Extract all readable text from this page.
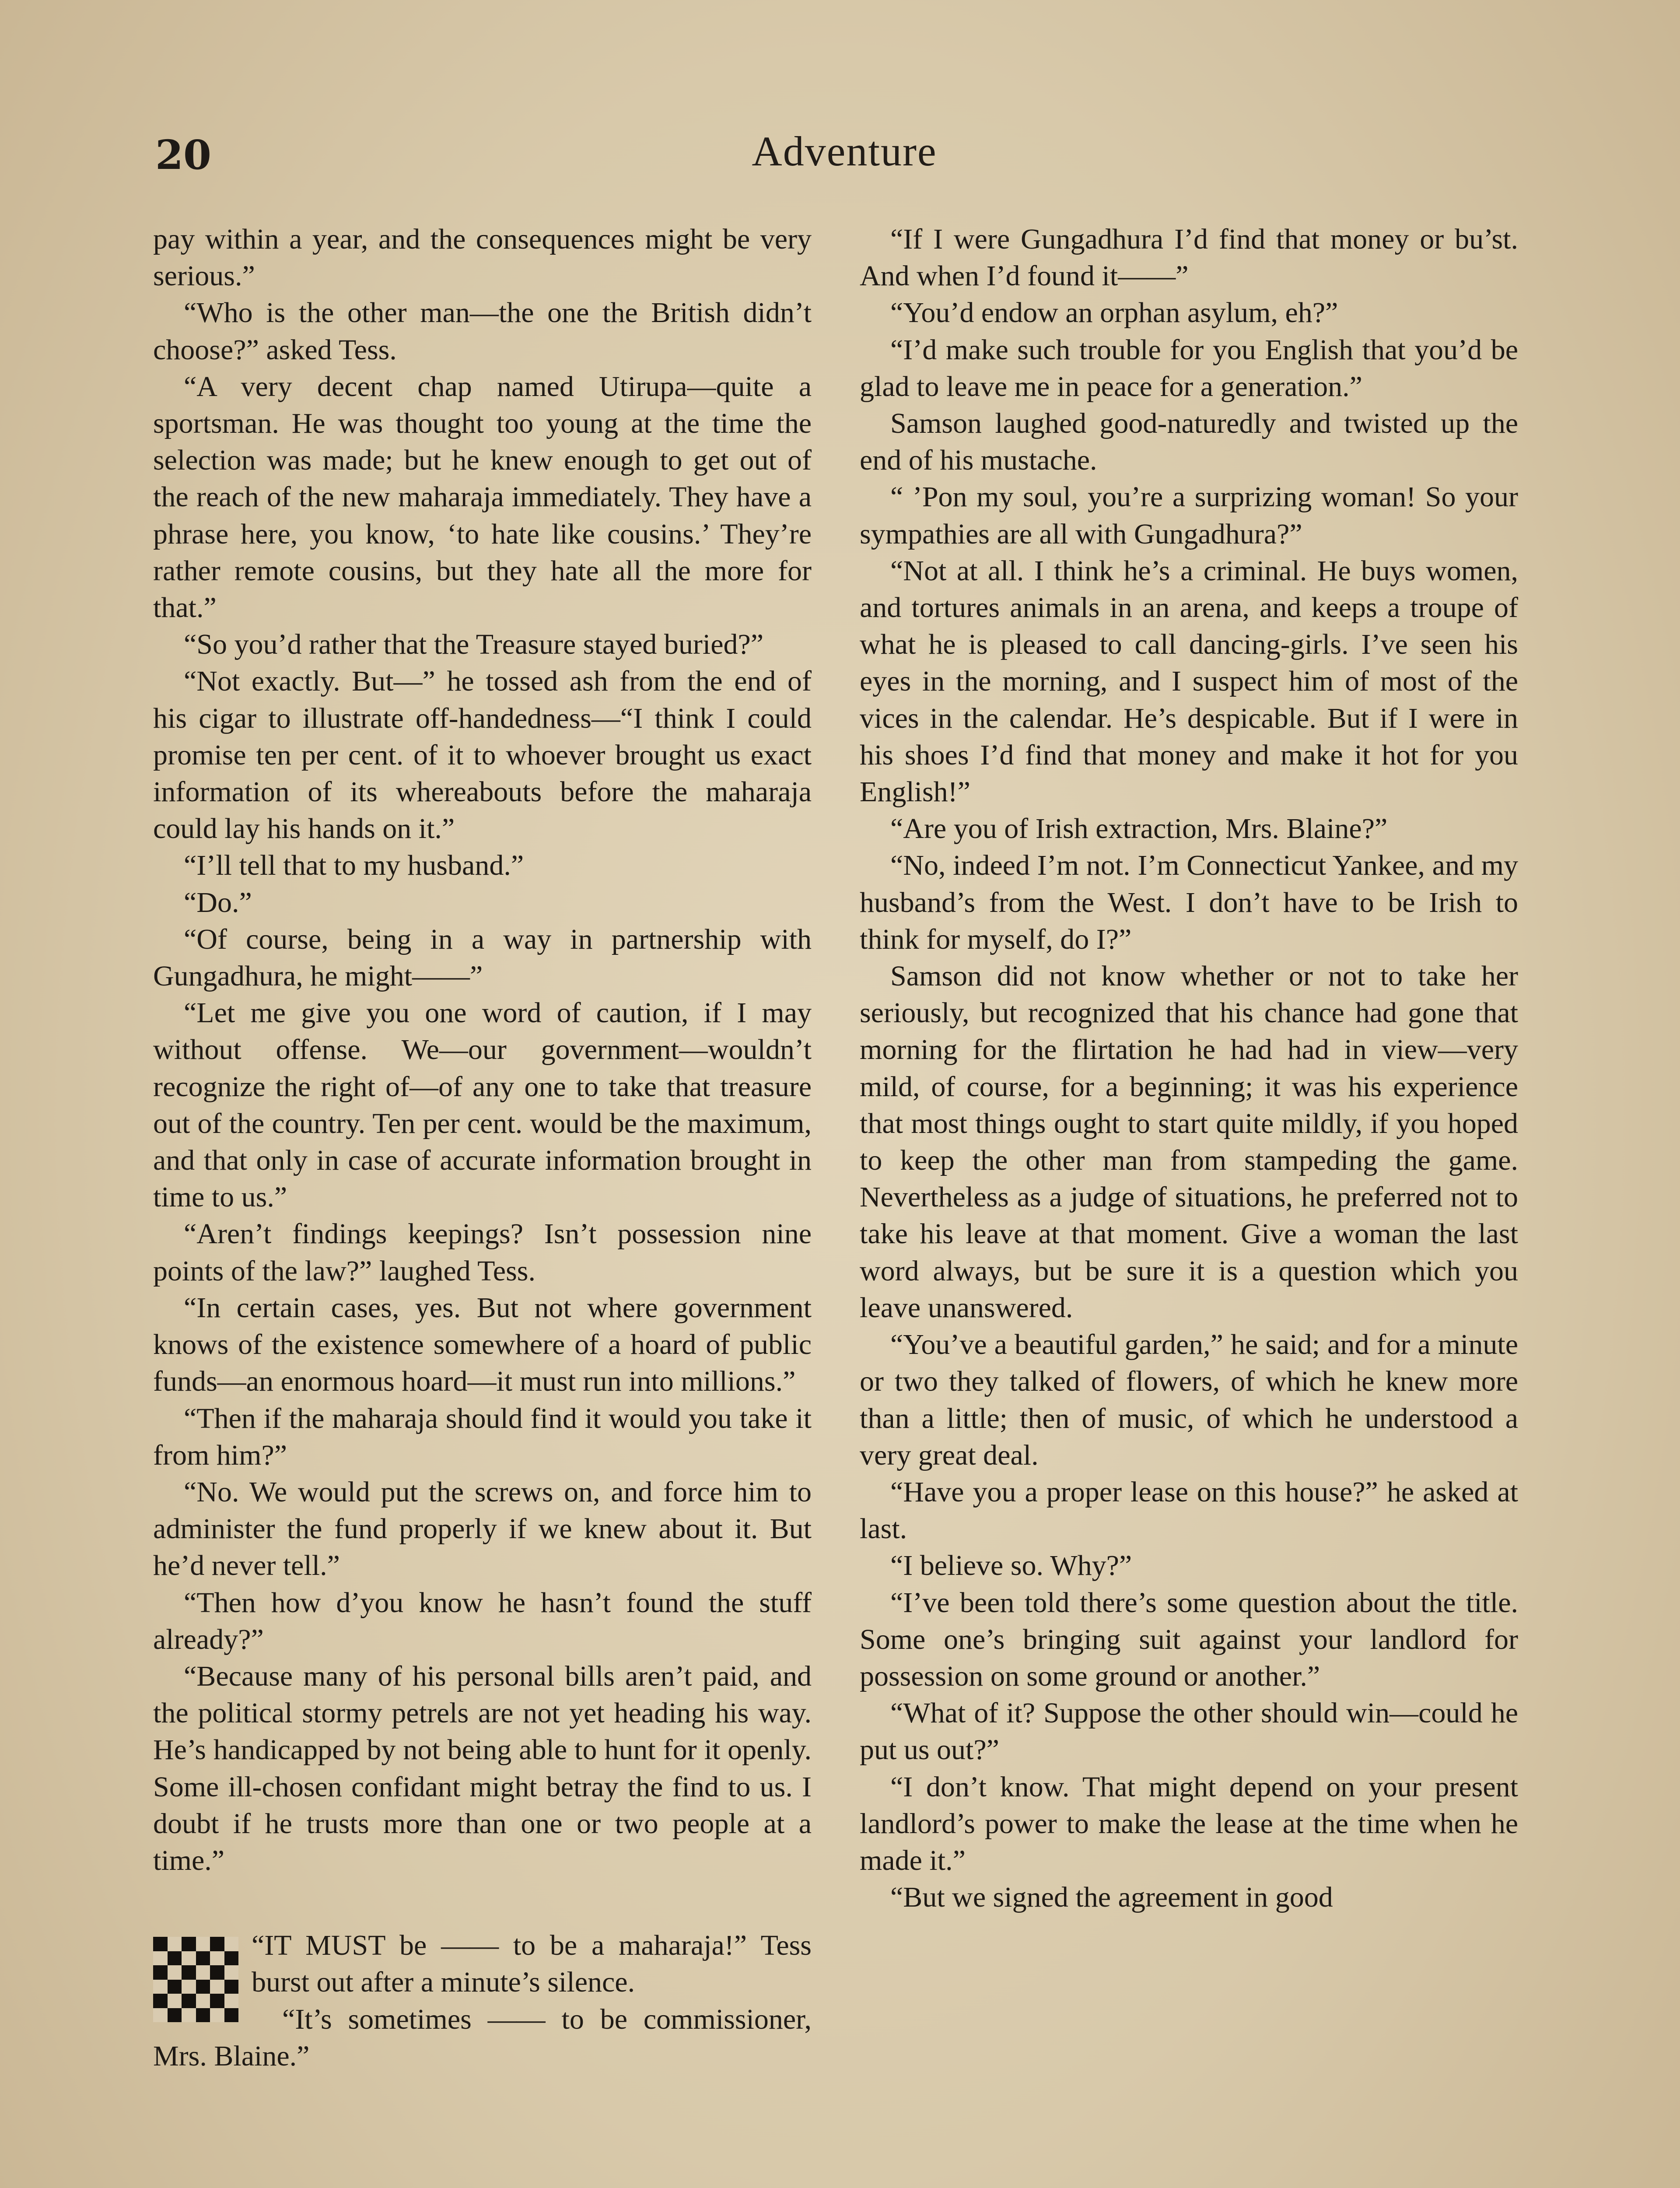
20	Adventure

pay within a year, and the consequences might be very serious.”

“Who is the other man—the one the British didn’t choose?” asked Tess.

“A very decent chap named Utirupa—quite a sportsman. He was thought too young at the time the selection was made; but he knew enough to get out of the reach of the new maharaja immediately. They have a phrase here, you know, ‘to hate like cousins.’ They’re rather remote cousins, but they hate all the more for that.”

“So you’d rather that the Treasure stayed buried?”

“Not exactly. But—” he tossed ash from the end of his cigar to illustrate off-handedness—“I think I could promise ten per cent. of it to whoever brought us exact information of its whereabouts before the maharaja could lay his hands on it.”

“I’ll tell that to my husband.”

“Do.”

“Of course, being in a way in partnership with Gungadhura, he might——”

“Let me give you one word of caution, if I may without offense. We—our government—wouldn’t recognize the right of—of any one to take that treasure out of the country. Ten per cent. would be the maximum, and that only in case of accurate information brought in time to us.”

“Aren’t findings keepings? Isn’t possession nine points of the law?” laughed Tess.

“In certain cases, yes. But not where government knows of the existence somewhere of a hoard of public funds—an enormous hoard—it must run into millions.”

“Then if the maharaja should find it would you take it from him?”

“No. We would put the screws on, and force him to administer the fund properly if we knew about it. But he’d never tell.”

“Then how d’you know he hasn’t found the stuff already?”

“Because many of his personal bills aren’t paid, and the political stormy petrels are not yet heading his way. He’s handicapped by not being able to hunt for it openly. Some ill-chosen confidant might betray the find to us. I doubt if he trusts more than one or two people at a time.”

“IT MUST be —— to be a maharaja!” Tess burst out after a minute’s silence.

“It’s sometimes —— to be commissioner, Mrs. Blaine.”

“If I were Gungadhura I’d find that money or bu’st. And when I’d found it——”

“You’d endow an orphan asylum, eh?”

“I’d make such trouble for you English that you’d be glad to leave me in peace for a generation.”

Samson laughed good-naturedly and twisted up the end of his mustache.

“ ’Pon my soul, you’re a surprizing woman! So your sympathies are all with Gungadhura?”

“Not at all. I think he’s a criminal. He buys women, and tortures animals in an arena, and keeps a troupe of what he is pleased to call dancing-girls. I’ve seen his eyes in the morning, and I suspect him of most of the vices in the calendar. He’s despicable. But if I were in his shoes I’d find that money and make it hot for you English!”

“Are you of Irish extraction, Mrs. Blaine?”

“No, indeed I’m not. I’m Connecticut Yankee, and my husband’s from the West. I don’t have to be Irish to think for myself, do I?”

Samson did not know whether or not to take her seriously, but recognized that his chance had gone that morning for the flirtation he had had in view—very mild, of course, for a beginning; it was his experience that most things ought to start quite mildly, if you hoped to keep the other man from stampeding the game. Nevertheless as a judge of situations, he preferred not to take his leave at that moment. Give a woman the last word always, but be sure it is a question which you leave unanswered.

“You’ve a beautiful garden,” he said; and for a minute or two they talked of flowers, of which he knew more than a little; then of music, of which he understood a very great deal.

“Have you a proper lease on this house?” he asked at last.

“I believe so. Why?”

“I’ve been told there’s some question about the title. Some one’s bringing suit against your landlord for possession on some ground or another.”

“What of it? Suppose the other should win—could he put us out?”

“I don’t know. That might depend on your present landlord’s power to make the lease at the time when he made it.”

“But we signed the agreement in good
